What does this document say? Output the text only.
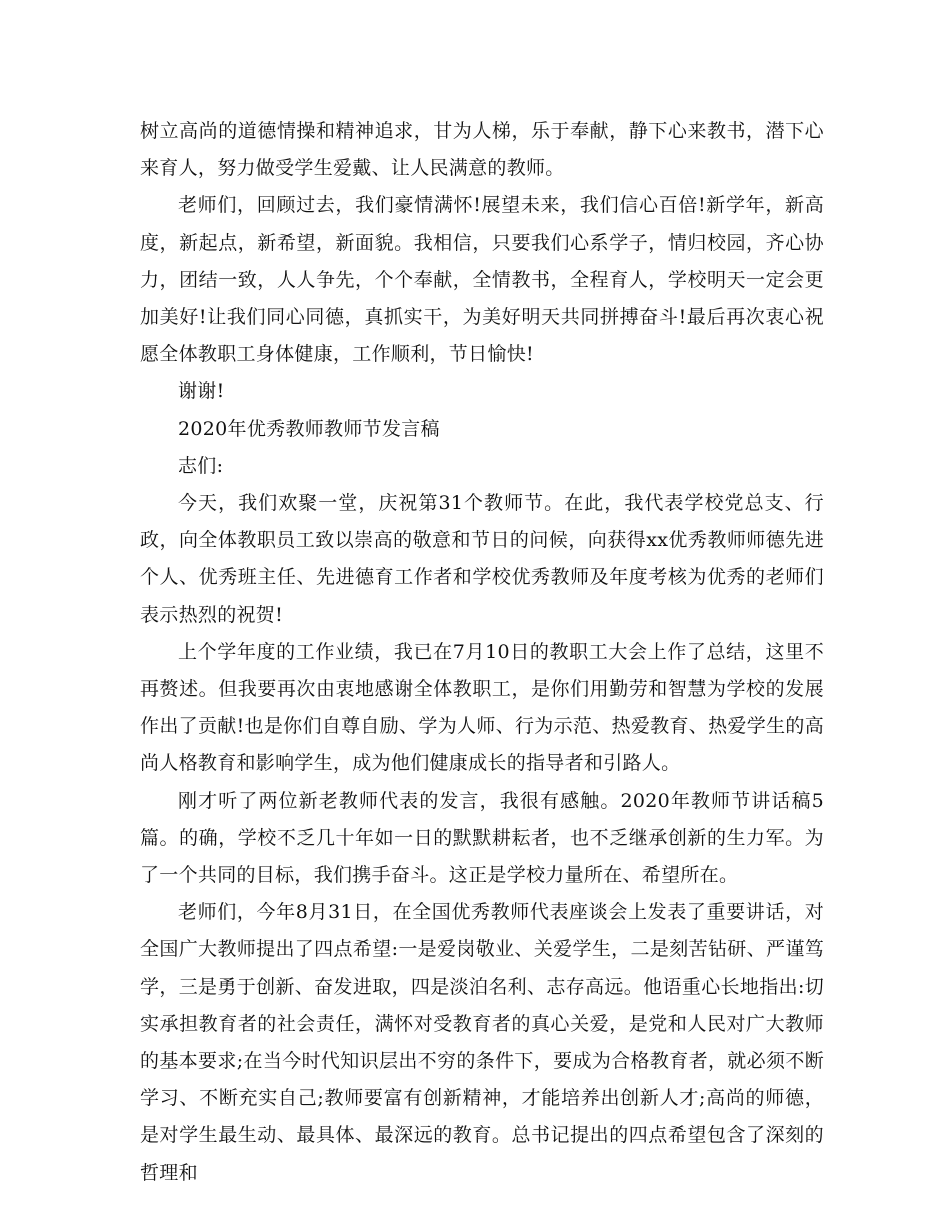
树立高尚的道德情操和精神追求，甘为人梯，乐于奉献，静下心来教书，潜下心来育人，努力做受学生爱戴、让人民满意的教师。

老师们，回顾过去，我们豪情满怀!展望未来，我们信心百倍!新学年，新高度，新起点，新希望，新面貌。我相信，只要我们心系学子，情归校园，齐心协力，团结一致，人人争先，个个奉献，全情教书，全程育人，学校明天一定会更加美好!让我们同心同德，真抓实干，为美好明天共同拼搏奋斗!最后再次衷心祝愿全体教职工身体健康，工作顺利，节日愉快!

谢谢!

2020年优秀教师教师节发言稿

志们:

今天，我们欢聚一堂，庆祝第31个教师节。在此，我代表学校党总支、行政，向全体教职员工致以崇高的敬意和节日的问候，向获得xx优秀教师师德先进个人、优秀班主任、先进德育工作者和学校优秀教师及年度考核为优秀的老师们表示热烈的祝贺!

上个学年度的工作业绩，我已在7月10日的教职工大会上作了总结，这里不再赘述。但我要再次由衷地感谢全体教职工，是你们用勤劳和智慧为学校的发展作出了贡献!也是你们自尊自励、学为人师、行为示范、热爱教育、热爱学生的高尚人格教育和影响学生，成为他们健康成长的指导者和引路人。

刚才听了两位新老教师代表的发言，我很有感触。2020年教师节讲话稿5篇。的确，学校不乏几十年如一日的默默耕耘者，也不乏继承创新的生力军。为了一个共同的目标，我们携手奋斗。这正是学校力量所在、希望所在。

老师们，今年8月31日，在全国优秀教师代表座谈会上发表了重要讲话，对全国广大教师提出了四点希望:一是爱岗敬业、关爱学生，二是刻苦钻研、严谨笃学，三是勇于创新、奋发进取，四是淡泊名利、志存高远。他语重心长地指出:切实承担教育者的社会责任，满怀对受教育者的真心关爱，是党和人民对广大教师的基本要求;在当今时代知识层出不穷的条件下，要成为合格教育者，就必须不断学习、不断充实自己;教师要富有创新精神，才能培养出创新人才;高尚的师德，是对学生最生动、最具体、最深远的教育。总书记提出的四点希望包含了深刻的哲理和
